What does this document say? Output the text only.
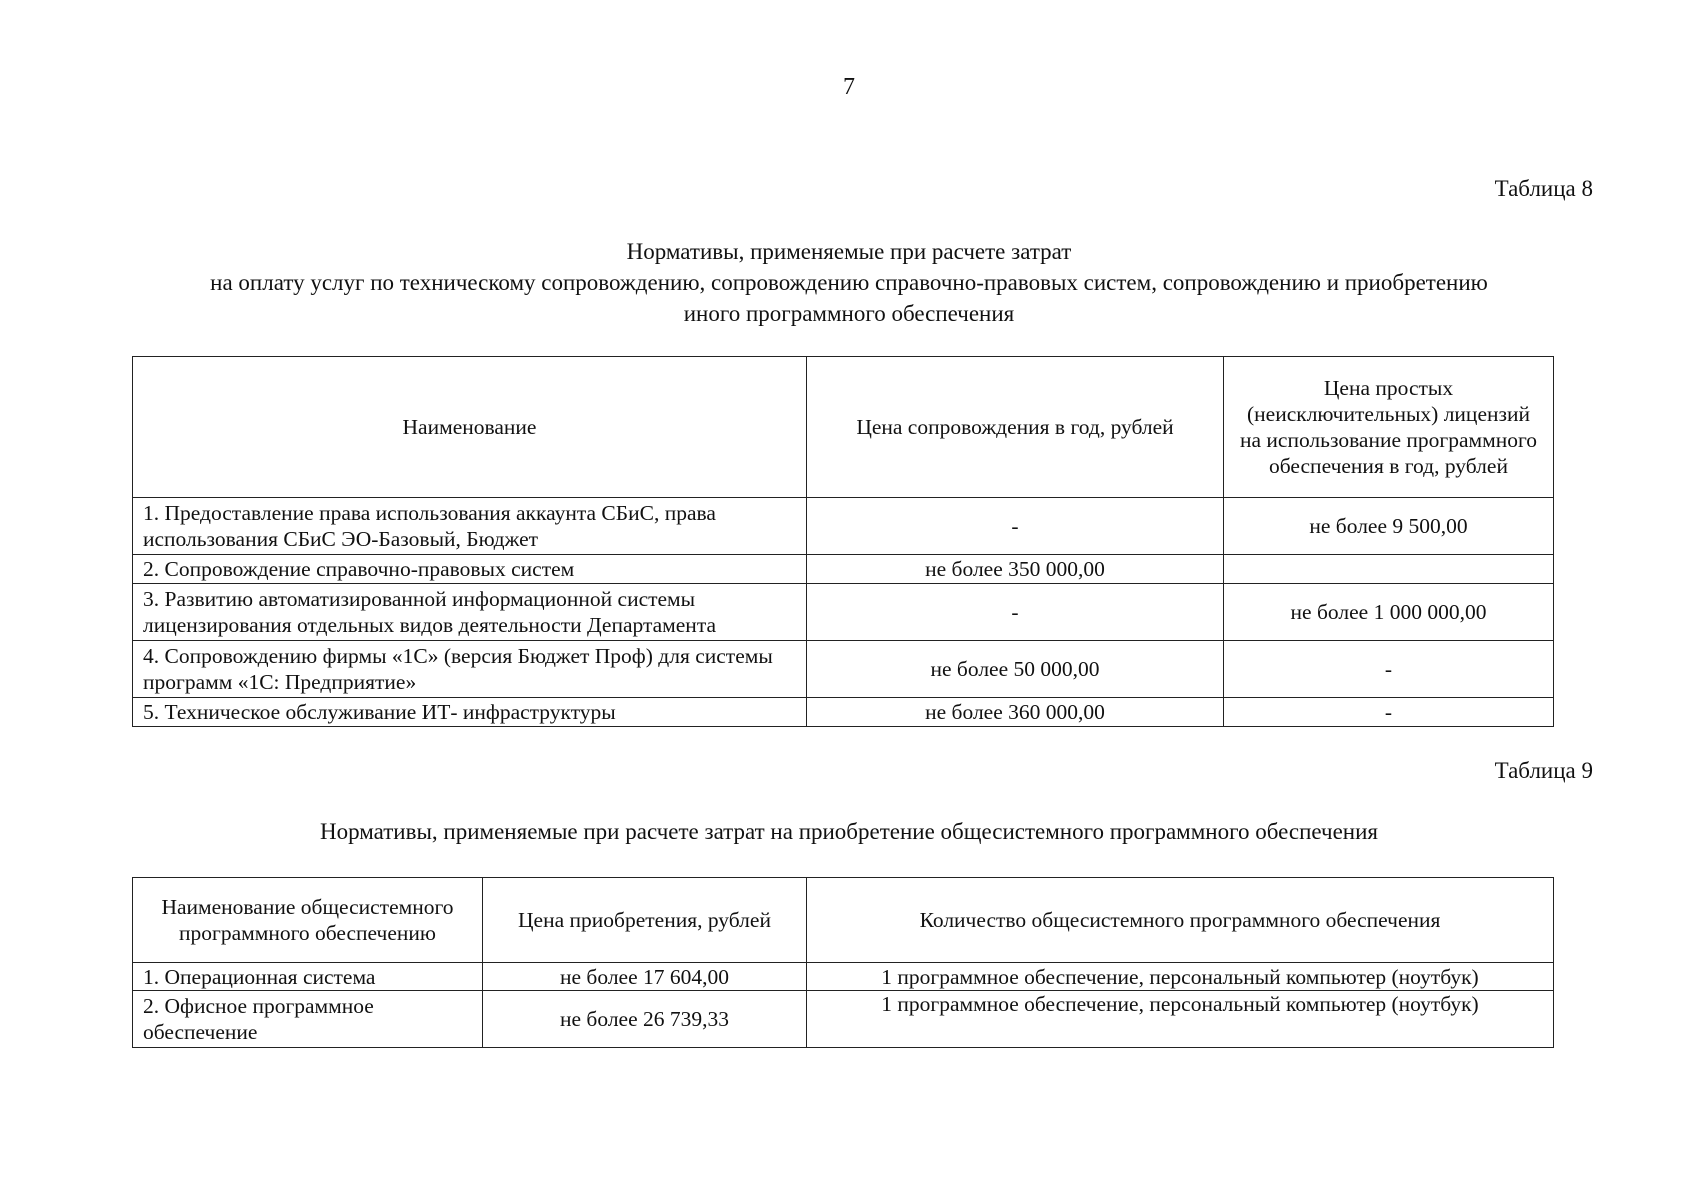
7
Таблица 8
Нормативы, применяемые при расчете затрат
на оплату услуг по техническому сопровождению, сопровождению справочно-правовых систем, сопровождению и приобретению
иного программного обеспечения
Наименование	Цена сопровождения в год, рублей	Цена простых (неисключительных) лицензий на использование программного обеспечения в год, рублей
1. Предоставление права использования аккаунта СБиС, права использования СБиС ЭО-Базовый, Бюджет	-	не более 9 500,00
2. Сопровождение справочно-правовых систем	не более 350 000,00	
3. Развитию автоматизированной информационной системы лицензирования отдельных видов деятельности Департамента	-	не более 1 000 000,00
4. Сопровождению фирмы «1С» (версия Бюджет Проф) для системы программ «1С: Предприятие»	не более 50 000,00	-
5. Техническое обслуживание ИТ- инфраструктуры	не более 360 000,00	-
Таблица 9
Нормативы, применяемые при расчете затрат на приобретение общесистемного программного обеспечения
Наименование общесистемного программного обеспечению	Цена приобретения, рублей	Количество общесистемного программного обеспечения
1. Операционная система	не более 17 604,00	1 программное обеспечение, персональный компьютер (ноутбук)
2. Офисное программное обеспечение	не более 26 739,33	1 программное обеспечение, персональный компьютер (ноутбук)
